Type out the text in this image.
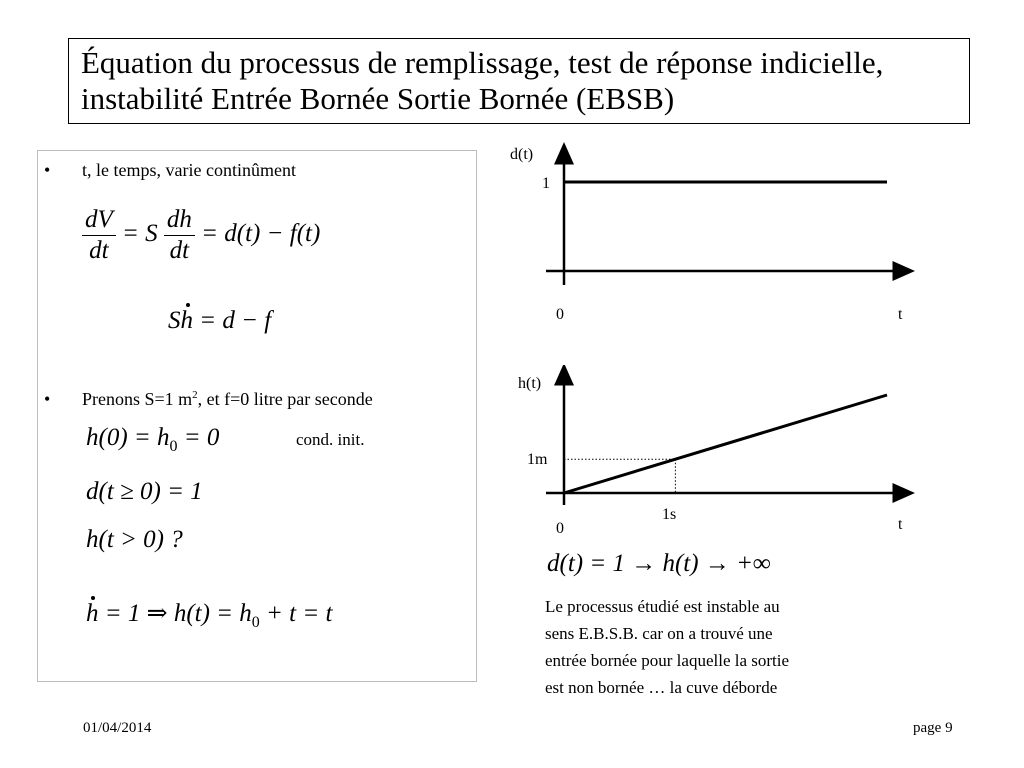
Équation du processus de remplissage, test de réponse indicielle,
instabilité Entrée Bornée Sortie Bornée (EBSB)
• t, le temps, varie continûment
$\frac{dV}{dt} = S \frac{dh}{dt} = d(t) - f(t)$
Sh = d − f
• Prenons S=1 $m^2$, et f=0 litre par seconde
$h(0) = h_0 = 0$	cond. init.
d(t ≥ 0) = 1
h(t > 0) ?
h = 1 ⇒ $h(t) = h_0 + t = t$
d(t)
1
0	t
h(t)
1m
1s
0	t
d(t) = 1 → h(t) → +∞
Le processus étudié est instable au
sens E.B.S.B. car on a trouvé une
entrée bornée pour laquelle la sortie
est non bornée … la cuve déborde
01/04/2014	page 9
